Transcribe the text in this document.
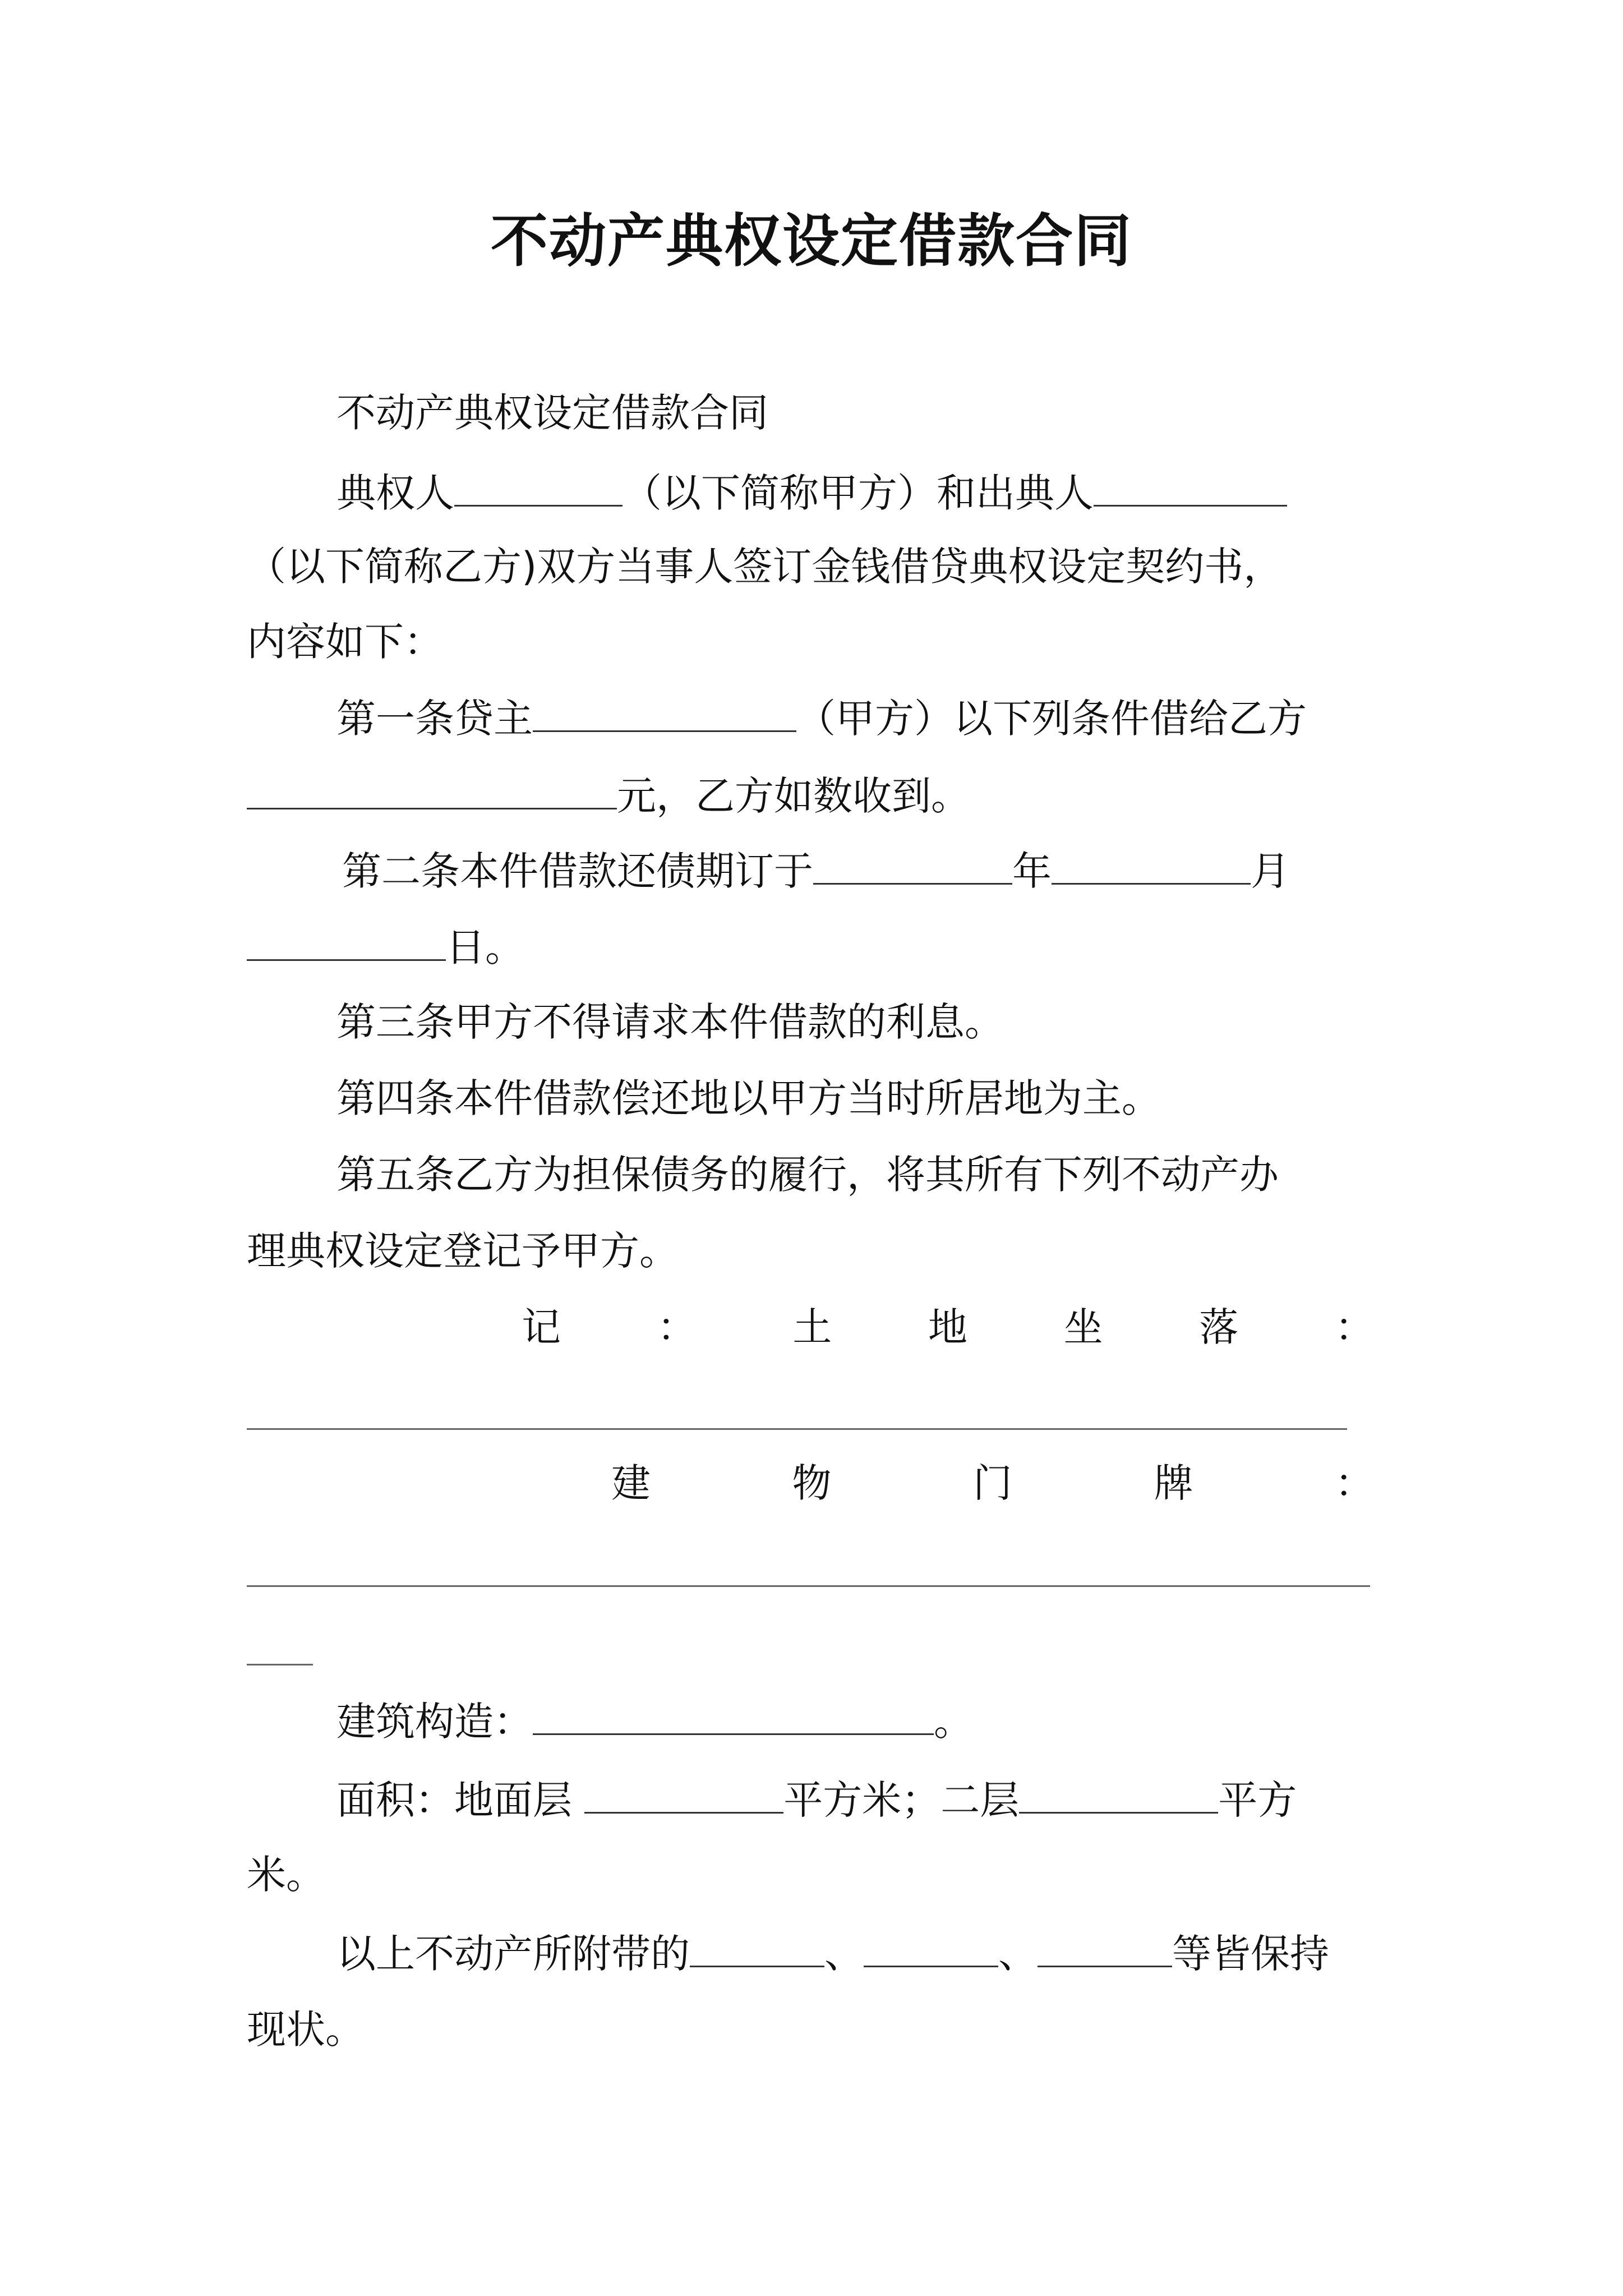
不动产典权设定借款合同
不动产典权设定借款合同
典权人	（以下简称甲方）和出典人
（以下简称乙方)双方当事人签订金钱借贷典权设定契约书，
内容如下：
第一条贷主	（甲方）以下列条件借给乙方
元，乙方如数收到。
第二条本件借款还债期订于	年	月
日。
第三条甲方不得请求本件借款的利息。
第四条本件借款偿还地以甲方当时所居地为主。
第五条乙方为担保债务的履行，将其所有下列不动产办
理典权设定登记予甲方。
记 ： 土 地 坐 落 ：
建	物	门	牌	：
建筑构造：	。
面积：地面层	平方米；二层	平方
米。
以上不动产所附带的	、	、	等皆保持
现状。
